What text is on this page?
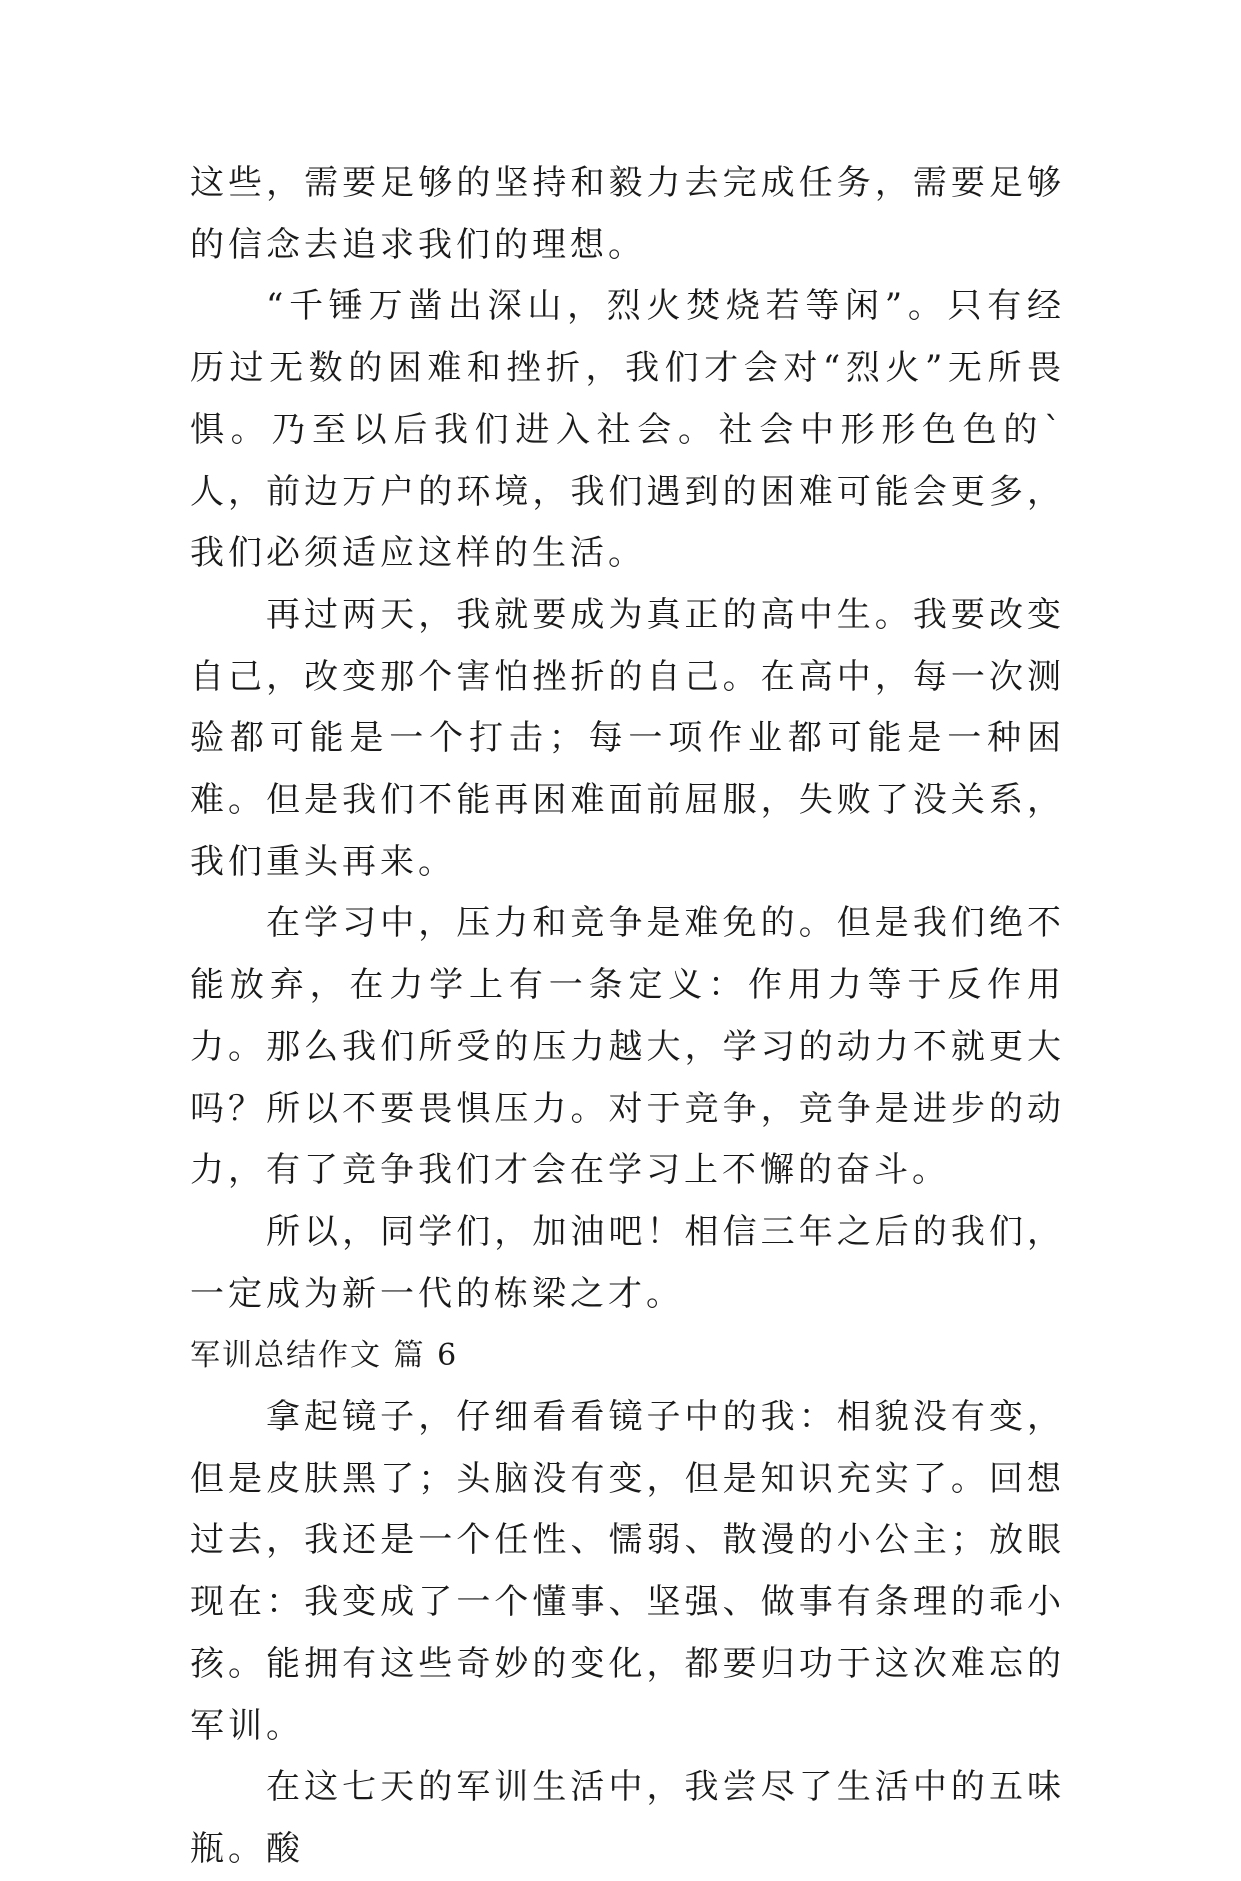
这些，需要足够的坚持和毅力去完成任务，需要足够的信念去追求我们的理想。

“千锤万凿出深山，烈火焚烧若等闲”。只有经历过无数的困难和挫折，我们才会对“烈火”无所畏惧。乃至以后我们进入社会。社会中形形色色的`人，前边万户的环境，我们遇到的困难可能会更多，我们必须适应这样的生活。

再过两天，我就要成为真正的高中生。我要改变自己，改变那个害怕挫折的自己。在高中，每一次测验都可能是一个打击；每一项作业都可能是一种困难。但是我们不能再困难面前屈服，失败了没关系，我们重头再来。

在学习中，压力和竞争是难免的。但是我们绝不能放弃，在力学上有一条定义：作用力等于反作用力。那么我们所受的压力越大，学习的动力不就更大吗？所以不要畏惧压力。对于竞争，竞争是进步的动力，有了竞争我们才会在学习上不懈的奋斗。

所以，同学们，加油吧！相信三年之后的我们，一定成为新一代的栋梁之才。

军训总结作文 篇 6

拿起镜子，仔细看看镜子中的我：相貌没有变，但是皮肤黑了；头脑没有变，但是知识充实了。回想过去，我还是一个任性、懦弱、散漫的小公主；放眼现在：我变成了一个懂事、坚强、做事有条理的乖小孩。能拥有这些奇妙的变化，都要归功于这次难忘的军训。

在这七天的军训生活中，我尝尽了生活中的五味瓶。酸
